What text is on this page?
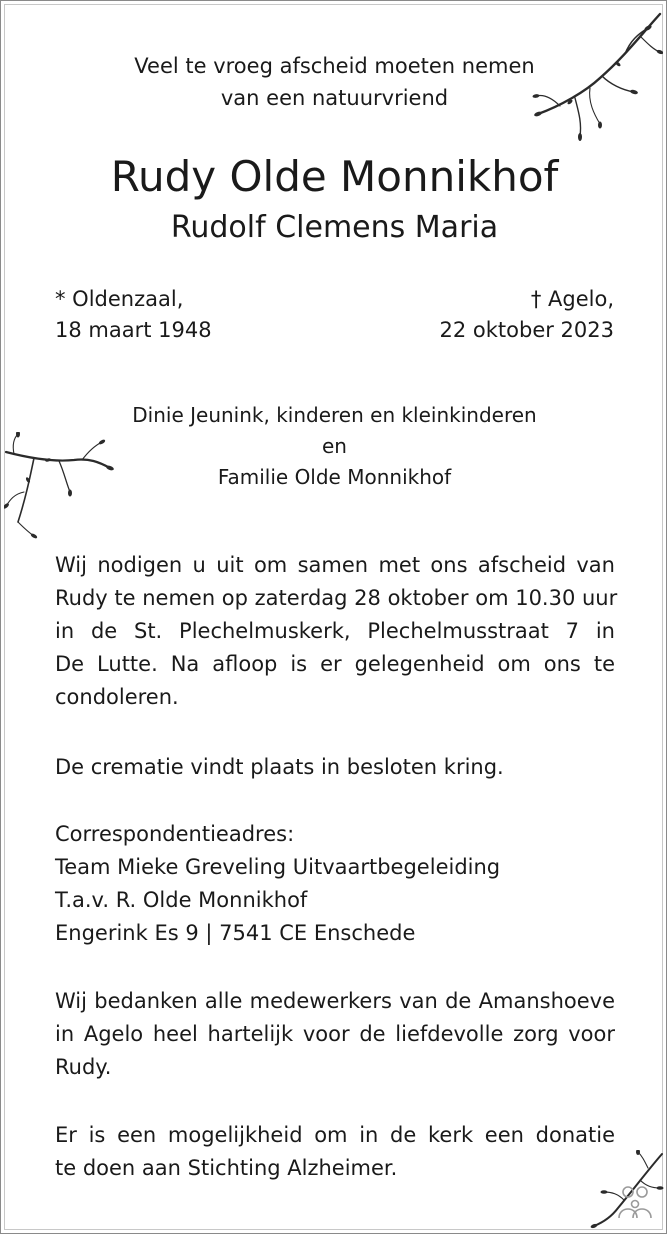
Veel te vroeg afscheid moeten nemen
van een natuurvriend
Rudy Olde Monnikhof
Rudolf Clemens Maria
* Oldenzaal,
18 maart 1948
† Agelo,
22 oktober 2023
Dinie Jeunink, kinderen en kleinkinderen
en
Familie Olde Monnikhof
Wij nodigen u uit om samen met ons afscheid van
Rudy te nemen op zaterdag 28 oktober om 10.30 uur
in de St. Plechelmuskerk, Plechelmusstraat 7 in
De Lutte. Na afloop is er gelegenheid om ons te
condoleren.
De crematie vindt plaats in besloten kring.
Correspondentieadres:
Team Mieke Greveling Uitvaartbegeleiding
T.a.v. R. Olde Monnikhof
Engerink Es 9 | 7541 CE Enschede
Wij bedanken alle medewerkers van de Amanshoeve
in Agelo heel hartelijk voor de liefdevolle zorg voor
Rudy.
Er is een mogelijkheid om in de kerk een donatie
te doen aan Stichting Alzheimer.
